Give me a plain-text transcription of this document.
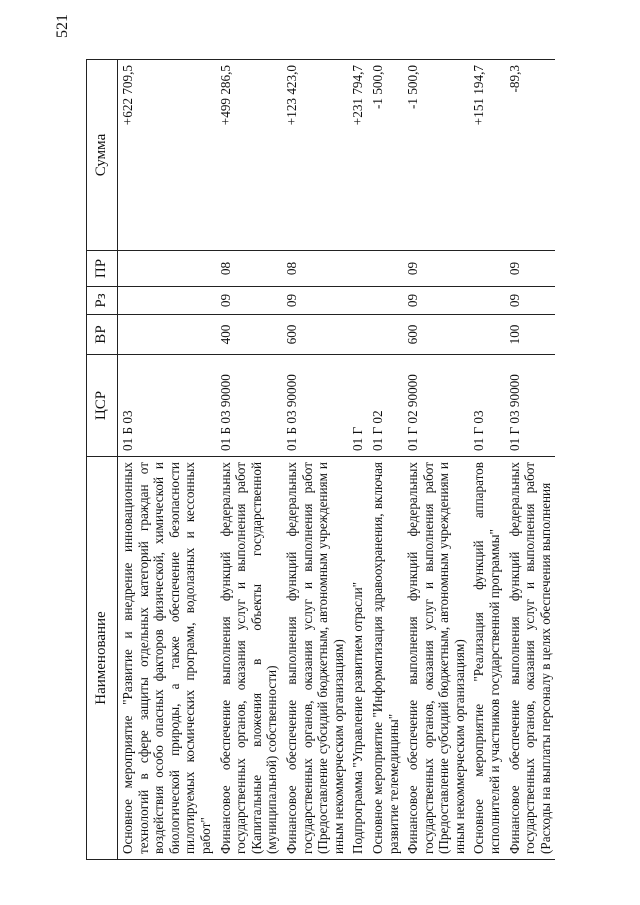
521
Наименование	ЦСР	ВР	Рз	ПР	Сумма
Основное мероприятие "Развитие и внедрение инновационных технологий в сфере защиты отдельных категорий граждан от воздействия особо опасных факторов физической, химической и биологической природы, а также обеспечение безопасности пилотируемых космических программ, водолазных и кессонных работ"	01 Б 03				+622 709,5
Финансовое обеспечение выполнения функций федеральных государственных органов, оказания услуг и выполнения работ (Капитальные вложения в объекты государственной (муниципальной) собственности)	01 Б 03 90000	400	09	08	+499 286,5
Финансовое обеспечение выполнения функций федеральных государственных органов, оказания услуг и выполнения работ (Предоставление субсидий бюджетным, автономным учреждениям и иным некоммерческим организациям)	01 Б 03 90000	600	09	08	+123 423,0
Подпрограмма "Управление развитием отрасли"	01 Г				+231 794,7
Основное мероприятие "Информатизация здравоохранения, включая развитие телемедицины"	01 Г 02				-1 500,0
Финансовое обеспечение выполнения функций федеральных государственных органов, оказания услуг и выполнения работ (Предоставление субсидий бюджетным, автономным учреждениям и иным некоммерческим организациям)	01 Г 02 90000	600	09	09	-1 500,0
Основное мероприятие "Реализация функций аппаратов исполнителей и участников государственной программы"	01 Г 03				+151 194,7
Финансовое обеспечение выполнения функций федеральных государственных органов, оказания услуг и выполнения работ (Расходы на выплаты персоналу в целях обеспечения выполнения	01 Г 03 90000	100	09	09	-89,3
